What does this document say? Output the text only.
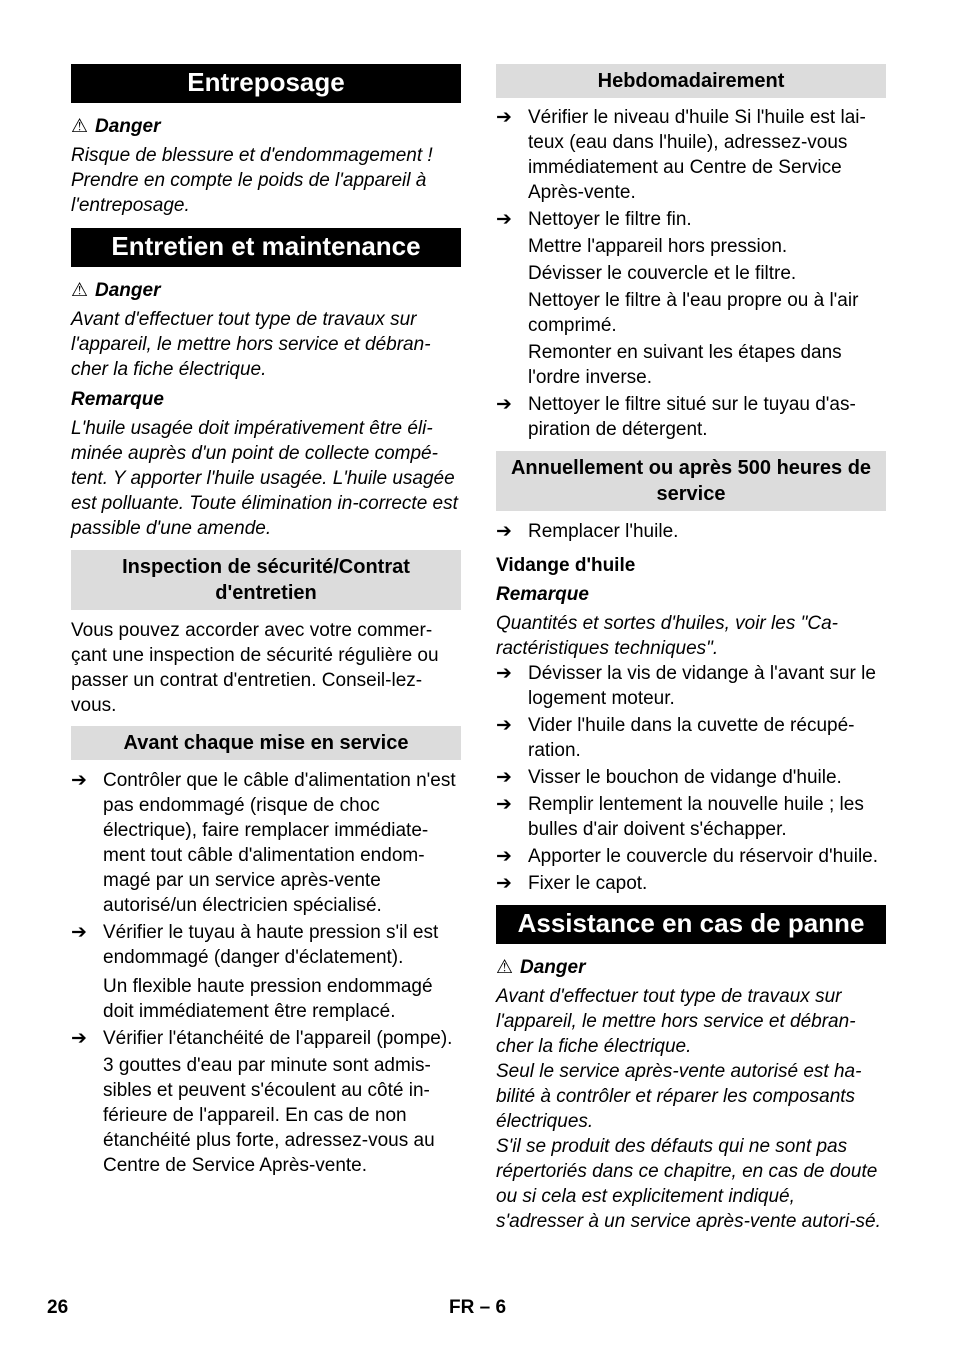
Entreposage

⚠ Danger

Risque de blessure et d'endommagement ! Prendre en compte le poids de l'appareil à l'entreposage.

Entretien et maintenance

⚠ Danger

Avant d'effectuer tout type de travaux sur l'appareil, le mettre hors service et débran-cher la fiche électrique.

Remarque

L'huile usagée doit impérativement être éli-minée auprès d'un point de collecte compé-tent. Y apporter l'huile usagée. L'huile usagée est polluante. Toute élimination in-correcte est passible d'une amende.

Inspection de sécurité/Contrat d'entretien

Vous pouvez accorder avec votre commer-çant une inspection de sécurité régulière ou passer un contrat d'entretien. Conseil-lez-vous.

Avant chaque mise en service

➔ Contrôler que le câble d'alimentation n'est pas endommagé (risque de choc électrique), faire remplacer immédiate-ment tout câble d'alimentation endom-magé par un service après-vente autorisé/un électricien spécialisé.

➔ Vérifier le tuyau à haute pression s'il est endommagé (danger d'éclatement).

Un flexible haute pression endommagé doit immédiatement être remplacé.

➔ Vérifier l'étanchéité de l'appareil (pompe).

3 gouttes d'eau par minute sont admis-sibles et peuvent s'écoulent au côté in-férieure de l'appareil. En cas de non étanchéité plus forte, adressez-vous au Centre de Service Après-vente.

Hebdomadairement

➔ Vérifier le niveau d'huile Si l'huile est lai-teux (eau dans l'huile), adressez-vous immédiatement au Centre de Service Après-vente.

➔ Nettoyer le filtre fin.

Mettre l'appareil hors pression.

Dévisser le couvercle et le filtre.

Nettoyer le filtre à l'eau propre ou à l'air comprimé.

Remonter en suivant les étapes dans l'ordre inverse.

➔ Nettoyer le filtre situé sur le tuyau d'as-piration de détergent.

Annuellement ou après 500 heures de service

➔ Remplacer l'huile.

Vidange d'huile

Remarque

Quantités et sortes d'huiles, voir les "Ca-ractéristiques techniques".

➔ Dévisser la vis de vidange à l'avant sur le logement moteur.

➔ Vider l'huile dans la cuvette de récupé-ration.

➔ Visser le bouchon de vidange d'huile.

➔ Remplir lentement la nouvelle huile ; les bulles d'air doivent s'échapper.

➔ Apporter le couvercle du réservoir d'huile.

➔ Fixer le capot.

Assistance en cas de panne

⚠ Danger

Avant d'effectuer tout type de travaux sur l'appareil, le mettre hors service et débran-cher la fiche électrique.

Seul le service après-vente autorisé est ha-bilité à contrôler et réparer les composants électriques.

S'il se produit des défauts qui ne sont pas répertoriés dans ce chapitre, en cas de doute ou si cela est explicitement indiqué, s'adresser à un service après-vente autori-sé.

26	FR – 6
